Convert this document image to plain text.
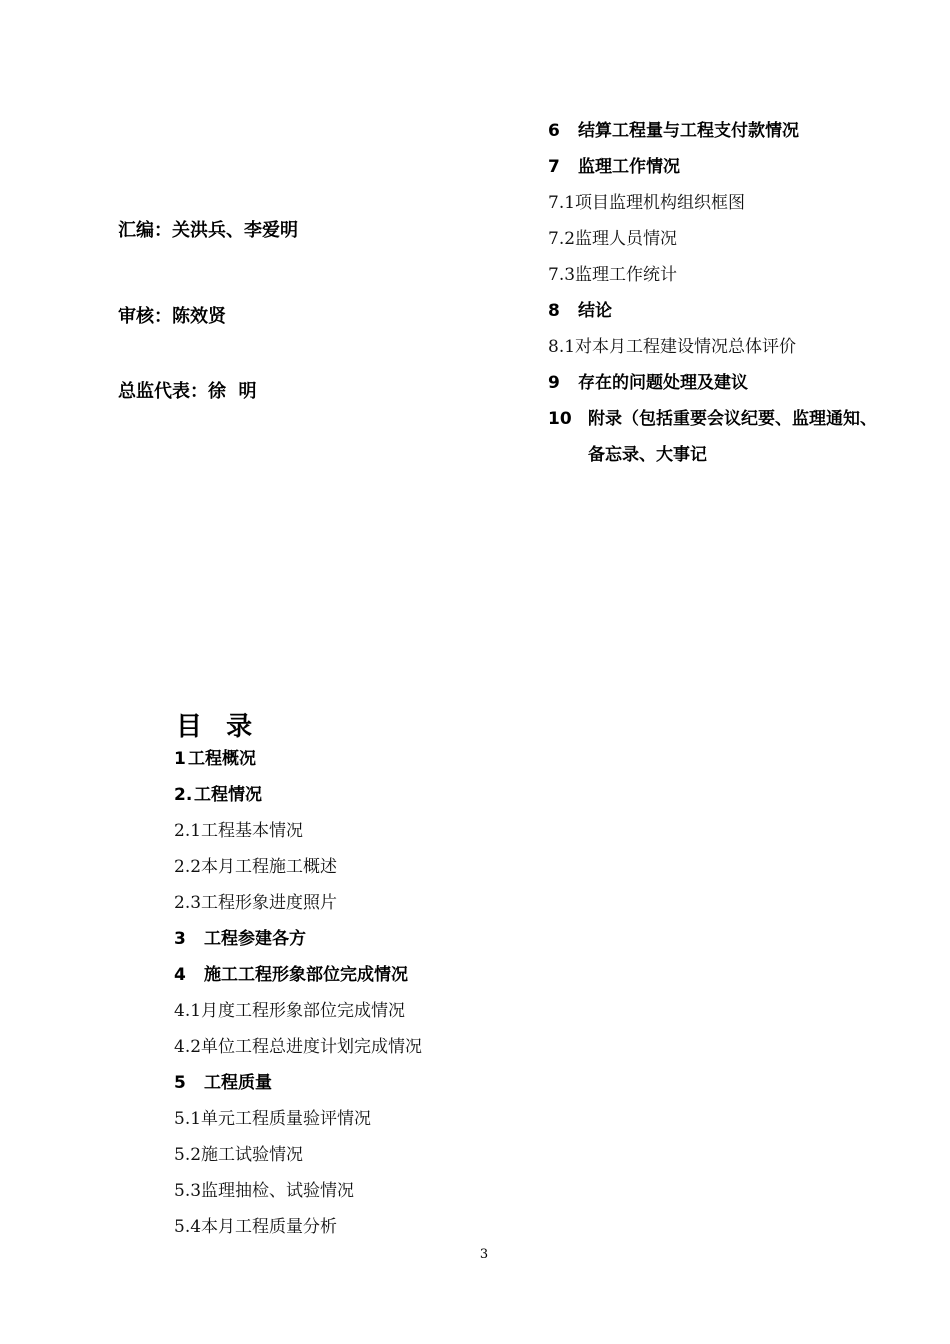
汇编：关洪兵、李爱明
审核：陈效贤
总监代表：徐  明
6 结算工程量与工程支付款情况
7 监理工作情况
7.1项目监理机构组织框图
7.2监理人员情况
7.3监理工作统计
8 结论
8.1对本月工程建设情况总体评价
9 存在的问题处理及建议
10 附录（包括重要会议纪要、监理通知、备忘录、大事记
目  录
1 工程概况
2. 工程情况
2.1工程基本情况
2.2本月工程施工概述
2.3工程形象进度照片
3 工程参建各方
4 施工工程形象部位完成情况
4.1月度工程形象部位完成情况
4.2单位工程总进度计划完成情况
5 工程质量
5.1单元工程质量验评情况
5.2施工试验情况
5.3监理抽检、试验情况
5.4本月工程质量分析
3
